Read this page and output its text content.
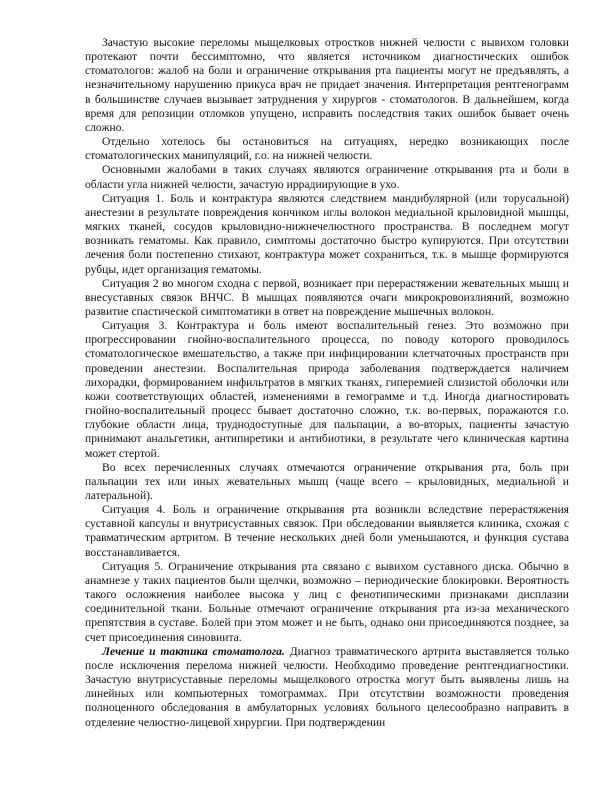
Зачастую высокие переломы мыщелковых отростков нижней челюсти с вывихом головки протекают почти бессимптомно, что является источником диагностических ошибок стоматологов: жалоб на боли и ограничение открывания рта пациенты могут не предъявлять, а незначительному нарушению прикуса врач не придает значения. Интерпретация рентгенограмм в большинстве случаев вызывает затруднения у хирургов - стоматологов. В дальнейшем, когда время для репозиции отломков упущено, исправить последствия таких ошибок бывает очень сложно.

Отдельно хотелось бы остановиться на ситуациях, нередко возникающих после стоматологических манипуляций, г.о. на нижней челюсти.

Основными жалобами в таких случаях являются ограничение открывания рта и боли в области угла нижней челюсти, зачастую иррадиирующие в ухо.

Ситуация 1. Боль и контрактура являются следствием мандибулярной (или торусальной) анестезии в результате повреждения кончиком иглы волокон медиальной крыловидной мышцы, мягких тканей, сосудов крыловидно-нижнечелюстного пространства. В последнем могут возникать гематомы. Как правило, симптомы достаточно быстро купируются. При отсутствии лечения боли постепенно стихают, контрактура может сохраниться, т.к. в мышце формируются рубцы, идет организация гематомы.

Ситуация 2 во многом сходна с первой, возникает при перерастяжении жевательных мышц и внесуставных связок ВНЧС. В мышцах появляются очаги микрокровоизлияний, возможно развитие спастической симптоматики в ответ на повреждение мышечных волокон.

Ситуация 3. Контрактура и боль имеют воспалительный генез. Это возможно при прогрессировании гнойно-воспалительного процесса, по поводу которого проводилось стоматологическое вмешательство, а также при инфицировании клетчаточных пространств при проведении анестезии. Воспалительная природа заболевания подтверждается наличием лихорадки, формированием инфильтратов в мягких тканях, гиперемией слизистой оболочки или кожи соответствующих областей, изменениями в гемограмме и т.д. Иногда диагностировать гнойно-воспалительный процесс бывает достаточно сложно, т.к. во-первых, поражаются г.о. глубокие области лица, труднодоступные для пальпации, а во-вторых, пациенты зачастую принимают анальгетики, антипиретики и антибиотики, в результате чего клиническая картина может стертой.

Во всех перечисленных случаях отмечаются ограничение открывания рта, боль при пальпации тех или иных жевательных мышц (чаще всего – крыловидных, медиальной и латеральной).

Ситуация 4. Боль и ограничение открывания рта возникли вследствие перерастяжения суставной капсулы и внутрисуставных связок. При обследовании выявляется клиника, схожая с травматическим артритом. В течение нескольких дней боли уменьшаются, и функция сустава восстанавливается.

Ситуация 5. Ограничение открывания рта связано с вывихом суставного диска. Обычно в анамнезе у таких пациентов были щелчки, возможно – периодические блокировки. Вероятность такого осложнения наиболее высока у лиц с фенотипическими признаками дисплазии соединительной ткани. Больные отмечают ограничение открывания рта из-за механического препятствия в суставе. Болей при этом может и не быть, однако они присоединяются позднее, за счет присоединения синовиита.

Лечение и тактика стоматолога. Диагноз травматического артрита выставляется только после исключения перелома нижней челюсти. Необходимо проведение рентгендиагностики. Зачастую внутрисуставные переломы мыщелкового отростка могут быть выявлены лишь на линейных или компьютерных томограммах. При отсутствии возможности проведения полноценного обследования в амбулаторных условиях больного целесообразно направить в отделение челюстно-лицевой хирургии. При подтверждении
